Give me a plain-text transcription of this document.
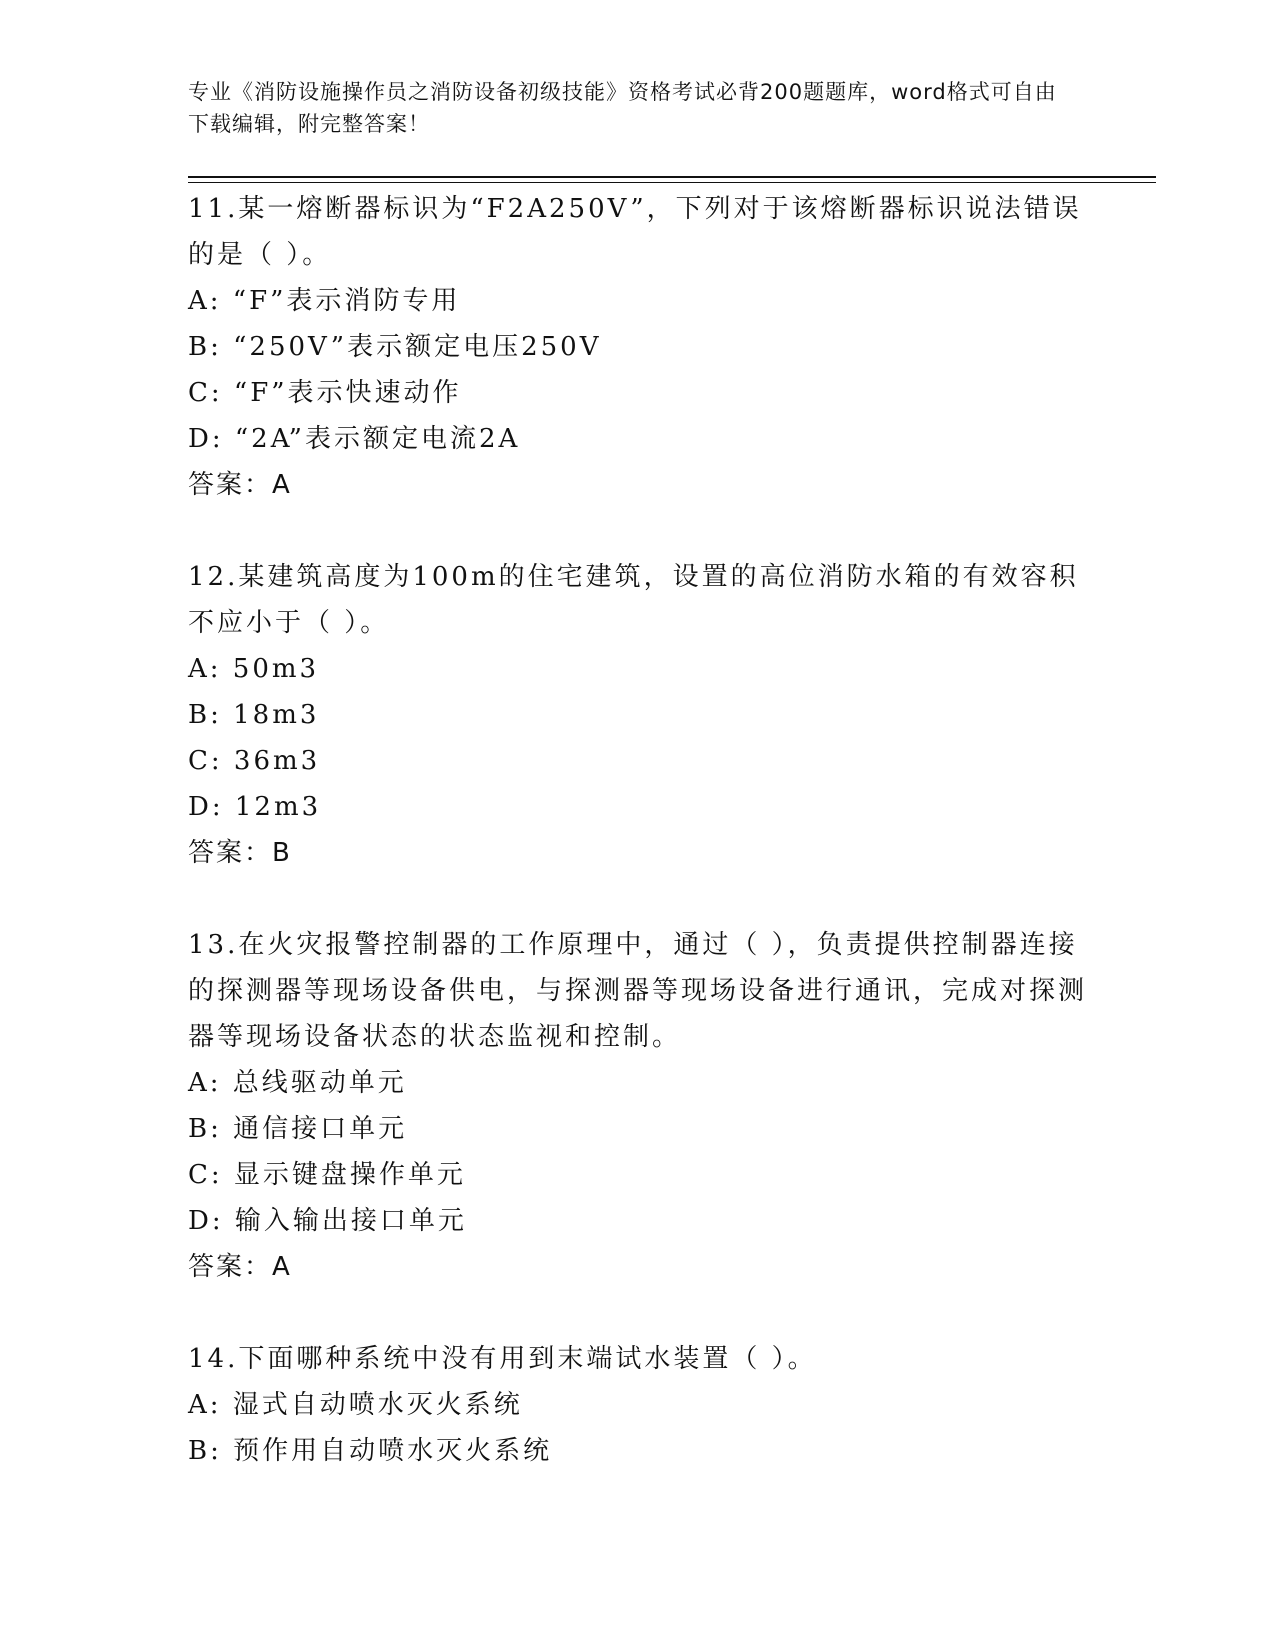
专业《消防设施操作员之消防设备初级技能》资格考试必背200题题库，word格式可自由下载编辑，附完整答案！

11.某一熔断器标识为“F2A250V”，下列对于该熔断器标识说法错误的是（ ）。

A: “F”表示消防专用

B: “250V”表示额定电压250V

C: “F”表示快速动作

D: “2A”表示额定电流2A

答案：A

12.某建筑高度为100m的住宅建筑，设置的高位消防水箱的有效容积不应小于（ ）。

A: 50m3

B: 18m3

C: 36m3

D: 12m3

答案：B

13.在火灾报警控制器的工作原理中，通过（ ），负责提供控制器连接的探测器等现场设备供电，与探测器等现场设备进行通讯，完成对探测器等现场设备状态的状态监视和控制。

A: 总线驱动单元

B: 通信接口单元

C: 显示键盘操作单元

D: 输入输出接口单元

答案：A

14.下面哪种系统中没有用到末端试水装置（ ）。

A: 湿式自动喷水灭火系统

B: 预作用自动喷水灭火系统
